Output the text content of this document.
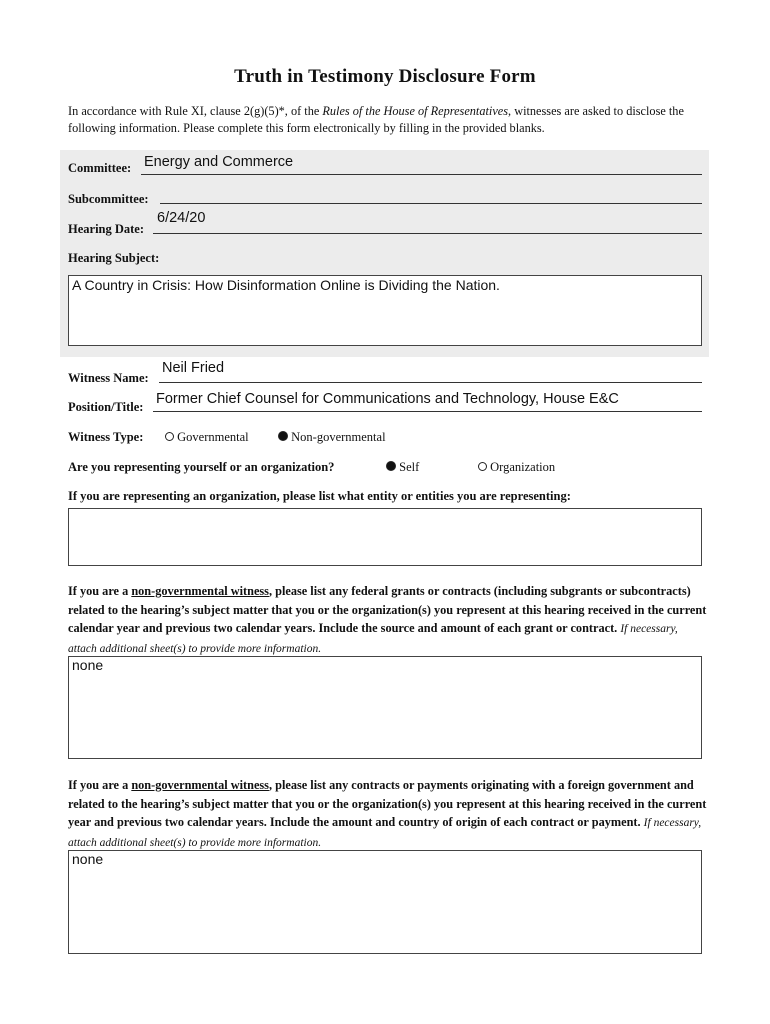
Truth in Testimony Disclosure Form
In accordance with Rule XI, clause 2(g)(5)*, of the Rules of the House of Representatives, witnesses are asked to disclose the following information. Please complete this form electronically by filling in the provided blanks.
Committee: Energy and Commerce
Subcommittee:
Hearing Date:
6/24/20
Hearing Subject:
A Country in Crisis: How Disinformation Online is Dividing the Nation.
Witness Name:
Neil Fried
Position/Title: Former Chief Counsel for Communications and Technology, House E&C
Witness Type:	Governmental	Non-governmental
Are you representing yourself or an organization?	Self	Organization
If you are representing an organization, please list what entity or entities you are representing:
If you are a non-governmental witness, please list any federal grants or contracts (including subgrants or subcontracts) related to the hearing’s subject matter that you or the organization(s) you represent at this hearing received in the current calendar year and previous two calendar years. Include the source and amount of each grant or contract. If necessary, attach additional sheet(s) to provide more information.
none
If you are a non-governmental witness, please list any contracts or payments originating with a foreign government and related to the hearing’s subject matter that you or the organization(s) you represent at this hearing received in the current year and previous two calendar years. Include the amount and country of origin of each contract or payment. If necessary, attach additional sheet(s) to provide more information.
none
